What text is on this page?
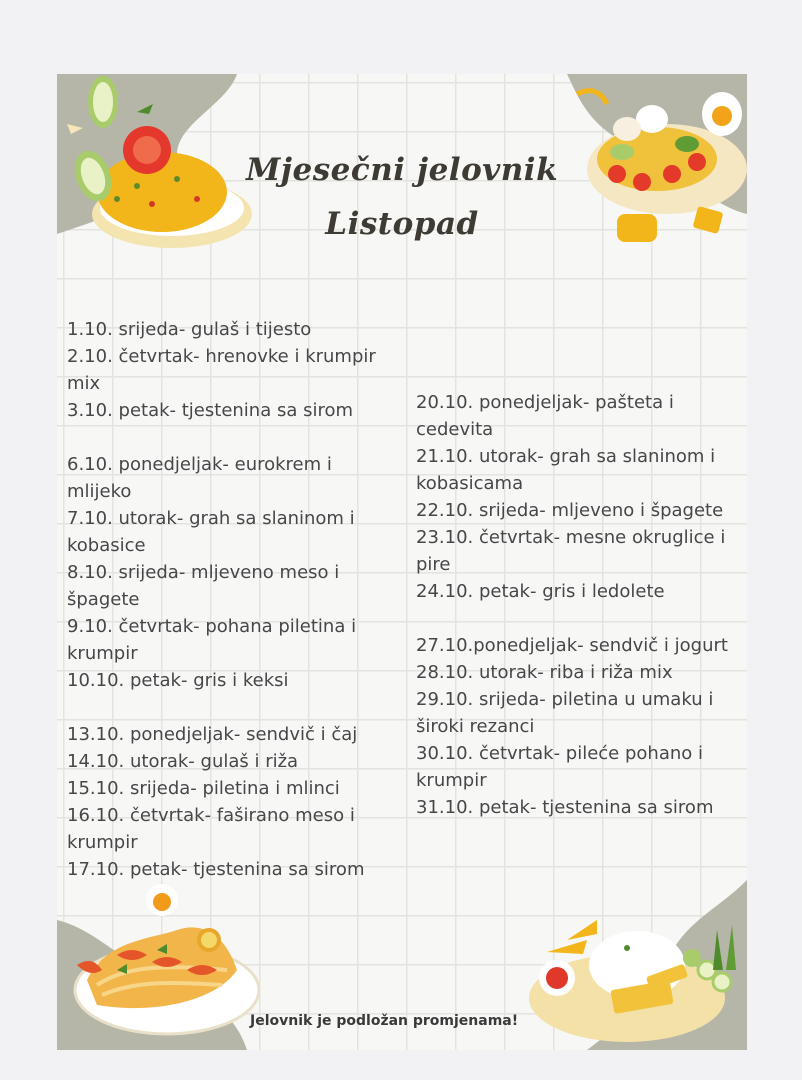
Mjesečni jelovnik
Listopad
1.10. srijeda- gulaš i tijesto
2.10. četvrtak- hrenovke i krumpir mix
3.10. petak- tjestenina sa sirom
6.10. ponedjeljak- eurokrem i mlijeko
7.10. utorak- grah sa slaninom i kobasice
8.10. srijeda- mljeveno meso i špagete
9.10. četvrtak- pohana piletina i krumpir
10.10. petak- gris i keksi
13.10. ponedjeljak- sendvič i čaj
14.10. utorak- gulaš i riža
15.10. srijeda- piletina i mlinci
16.10. četvrtak- faširano meso i krumpir
17.10. petak- tjestenina sa sirom
20.10. ponedjeljak- pašteta i cedevita
21.10. utorak- grah sa slaninom i kobasicama
22.10. srijeda- mljeveno i špagete
23.10. četvrtak- mesne okruglice i pire
24.10. petak- gris i ledolete
27.10.ponedjeljak- sendvič i jogurt
28.10. utorak- riba i riža mix
29.10. srijeda- piletina u umaku i široki rezanci
30.10. četvrtak- pileće pohano i krumpir
31.10. petak- tjestenina sa sirom
Jelovnik je podložan promjenama!
